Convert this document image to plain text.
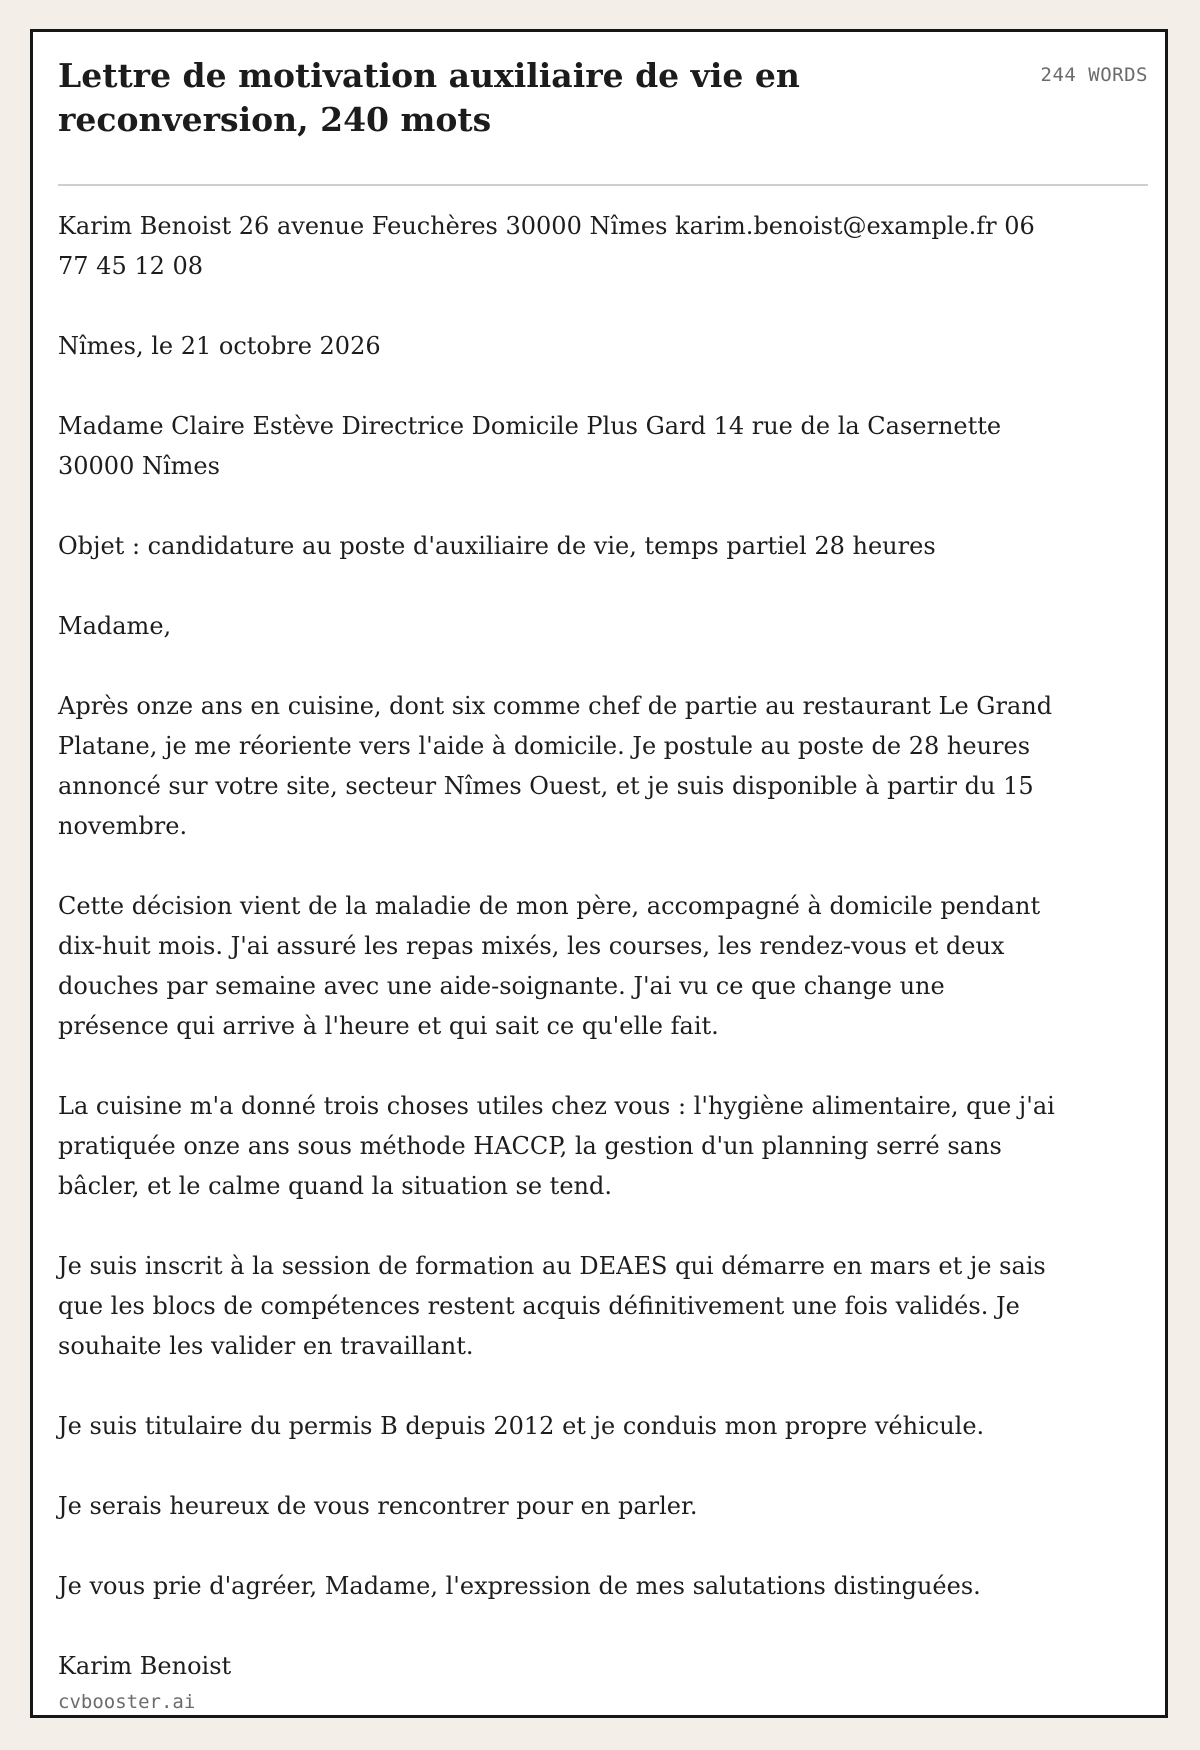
Lettre de motivation auxiliaire de vie en reconversion, 240 mots
244 WORDS

Karim Benoist 26 avenue Feuchères 30000 Nîmes karim.benoist@example.fr 06 77 45 12 08

Nîmes, le 21 octobre 2026

Madame Claire Estève Directrice Domicile Plus Gard 14 rue de la Casernette 30000 Nîmes

Objet : candidature au poste d'auxiliaire de vie, temps partiel 28 heures

Madame,

Après onze ans en cuisine, dont six comme chef de partie au restaurant Le Grand Platane, je me réoriente vers l'aide à domicile. Je postule au poste de 28 heures annoncé sur votre site, secteur Nîmes Ouest, et je suis disponible à partir du 15 novembre.

Cette décision vient de la maladie de mon père, accompagné à domicile pendant dix-huit mois. J'ai assuré les repas mixés, les courses, les rendez-vous et deux douches par semaine avec une aide-soignante. J'ai vu ce que change une présence qui arrive à l'heure et qui sait ce qu'elle fait.

La cuisine m'a donné trois choses utiles chez vous : l'hygiène alimentaire, que j'ai pratiquée onze ans sous méthode HACCP, la gestion d'un planning serré sans bâcler, et le calme quand la situation se tend.

Je suis inscrit à la session de formation au DEAES qui démarre en mars et je sais que les blocs de compétences restent acquis définitivement une fois validés. Je souhaite les valider en travaillant.

Je suis titulaire du permis B depuis 2012 et je conduis mon propre véhicule.

Je serais heureux de vous rencontrer pour en parler.

Je vous prie d'agréer, Madame, l'expression de mes salutations distinguées.

Karim Benoist

cvbooster.ai
